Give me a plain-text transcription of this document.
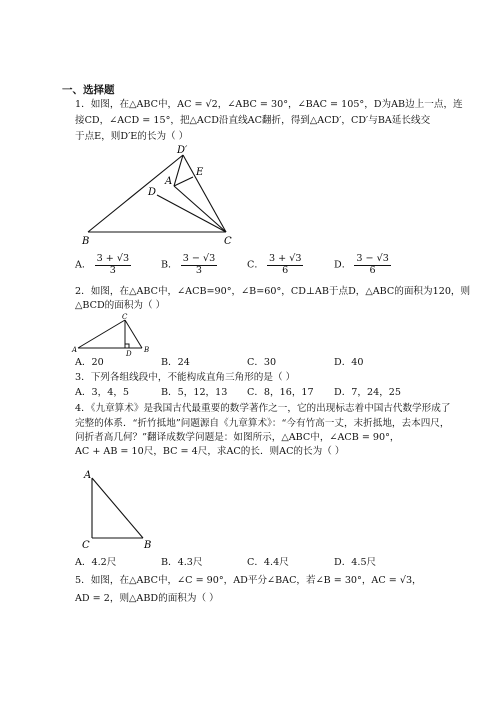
一、选择题
1．如图，在△ABC中，AC = √2，∠ABC = 30°，∠BAC = 105°，D为AB边上一点，连
接CD，∠ACD = 15°，把△ACD沿直线AC翻折，得到△ACD′，CD′与BA延长线交
于点E，则D′E的长为（ ）
D′
E
A
D
B	C
A． $\frac{3 + √3}{3}$	B． $\frac{3 - √3}{3}$	C． $\frac{3 + √3}{6}$	D． $\frac{3 - √3}{6}$
2．如图，在△ABC中，∠ACB=90°，∠B=60°，CD⊥AB于点D，△ABC的面积为120，则
△BCD的面积为（ ）
C
A	D B
A．20	B．24	C．30	D．40
3．下列各组线段中，不能构成直角三角形的是（ ）
A．3，4，5	B．5，12，13 C．8，16，17 D．7，24，25
4．《九章算术》是我国古代最重要的数学著作之一，它的出现标志着中国古代数学形成了
完整的体系．“折竹抵地”问题源自《九章算术》：“今有竹高一丈，末折抵地，去本四尺，
问折者高几何？”翻译成数学问题是：如图所示，△ABC中，∠ACB = 90°，
AC + AB = 10尺，BC = 4尺，求AC的长．则AC的长为（ ）
A
C	B
A．4.2尺	B．4.3尺	C．4.4尺	D．4.5尺
5．如图，在△ABC中，∠C = 90°，AD平分∠BAC，若∠B = 30°，AC = √3，
AD = 2，则△ABD的面积为（ ）
